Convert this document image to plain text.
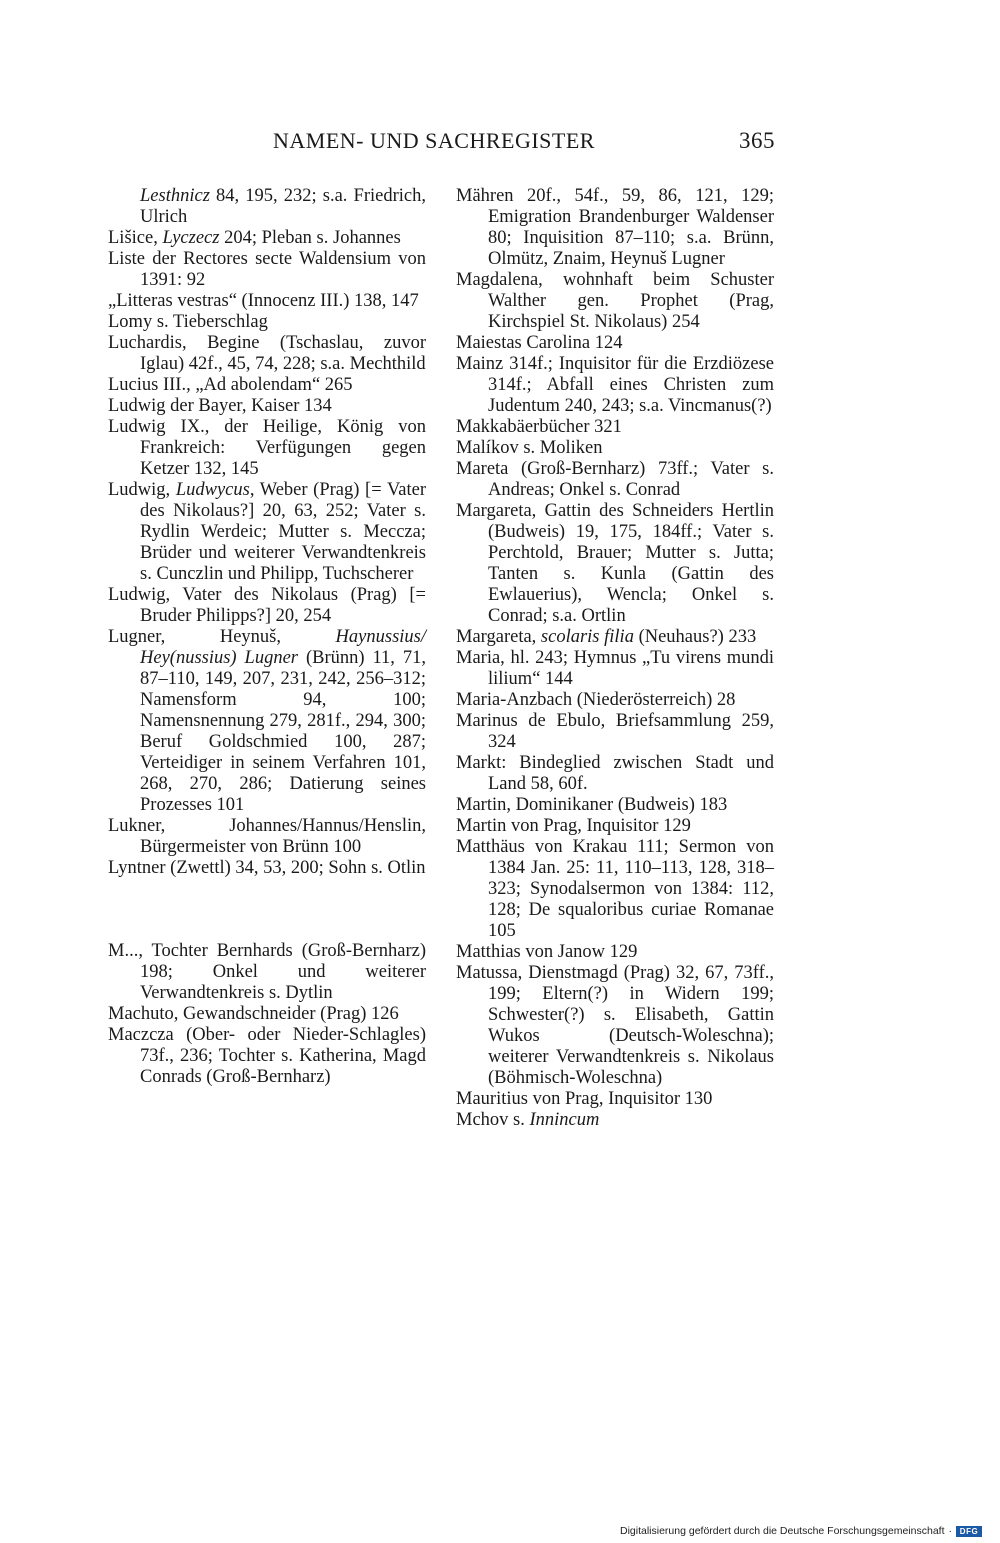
NAMEN- UND SACHREGISTER	365

Lesthnicz 84, 195, 232; s.a. Friedrich, Ulrich

Lišice, Lyczecz 204; Pleban s. Johannes

Liste der Rectores secte Waldensium von 1391: 92

„Litteras vestras“ (Innocenz III.) 138, 147

Lomy s. Tieberschlag

Luchardis, Begine (Tschaslau, zuvor Iglau) 42f., 45, 74, 228; s.a. Mechthild

Lucius III., „Ad abolendam“ 265

Ludwig der Bayer, Kaiser 134

Ludwig IX., der Heilige, König von Frankreich: Verfügungen gegen Ketzer 132, 145

Ludwig, Ludwycus, Weber (Prag) [= Vater des Nikolaus?] 20, 63, 252; Vater s. Rydlin Werdeic; Mutter s. Meccza; Brüder und weiterer Verwandtenkreis s. Cunczlin und Philipp, Tuchscherer

Ludwig, Vater des Nikolaus (Prag) [= Bruder Philipps?] 20, 254

Lugner, Heynuš, Haynussius/ Hey(nussius) Lugner (Brünn) 11, 71, 87–110, 149, 207, 231, 242, 256–312; Namensform 94, 100; Namensnennung 279, 281f., 294, 300; Beruf Goldschmied 100, 287; Verteidiger in seinem Verfahren 101, 268, 270, 286; Datierung seines Prozesses 101

Lukner, Johannes/Hannus/Henslin, Bürgermeister von Brünn 100

Lyntner (Zwettl) 34, 53, 200; Sohn s. Otlin

M..., Tochter Bernhards (Groß-Bernharz) 198; Onkel und weiterer Verwandtenkreis s. Dytlin

Machuto, Gewandschneider (Prag) 126

Maczcza (Ober- oder Nieder-Schlagles) 73f., 236; Tochter s. Katherina, Magd Conrads (Groß-Bernharz)

Mähren 20f., 54f., 59, 86, 121, 129; Emigration Brandenburger Waldenser 80; Inquisition 87–110; s.a. Brünn, Olmütz, Znaim, Heynuš Lugner

Magdalena, wohnhaft beim Schuster Walther gen. Prophet (Prag, Kirchspiel St. Nikolaus) 254

Maiestas Carolina 124

Mainz 314f.; Inquisitor für die Erzdiözese 314f.; Abfall eines Christen zum Judentum 240, 243; s.a. Vincmanus(?)

Makkabäerbücher 321

Malíkov s. Moliken

Mareta (Groß-Bernharz) 73ff.; Vater s. Andreas; Onkel s. Conrad

Margareta, Gattin des Schneiders Hertlin (Budweis) 19, 175, 184ff.; Vater s. Perchtold, Brauer; Mutter s. Jutta; Tanten s. Kunla (Gattin des Ewlauerius), Wencla; Onkel s. Conrad; s.a. Ortlin

Margareta, scolaris filia (Neuhaus?) 233

Maria, hl. 243; Hymnus „Tu virens mundi lilium“ 144

Maria-Anzbach (Niederösterreich) 28

Marinus de Ebulo, Briefsammlung 259, 324

Markt: Bindeglied zwischen Stadt und Land 58, 60f.

Martin, Dominikaner (Budweis) 183

Martin von Prag, Inquisitor 129

Matthäus von Krakau 111; Sermon von 1384 Jan. 25: 11, 110–113, 128, 318–323; Synodalsermon von 1384: 112, 128; De squaloribus curiae Romanae 105

Matthias von Janow 129

Matussa, Dienstmagd (Prag) 32, 67, 73ff., 199; Eltern(?) in Widern 199; Schwester(?) s. Elisabeth, Gattin Wukos (Deutsch-Woleschna); weiterer Verwandtenkreis s. Nikolaus (Böhmisch-Woleschna)

Mauritius von Prag, Inquisitor 130

Mchov s. Innincum

Digitalisierung gefördert durch die Deutsche Forschungsgemeinschaft · DFG
